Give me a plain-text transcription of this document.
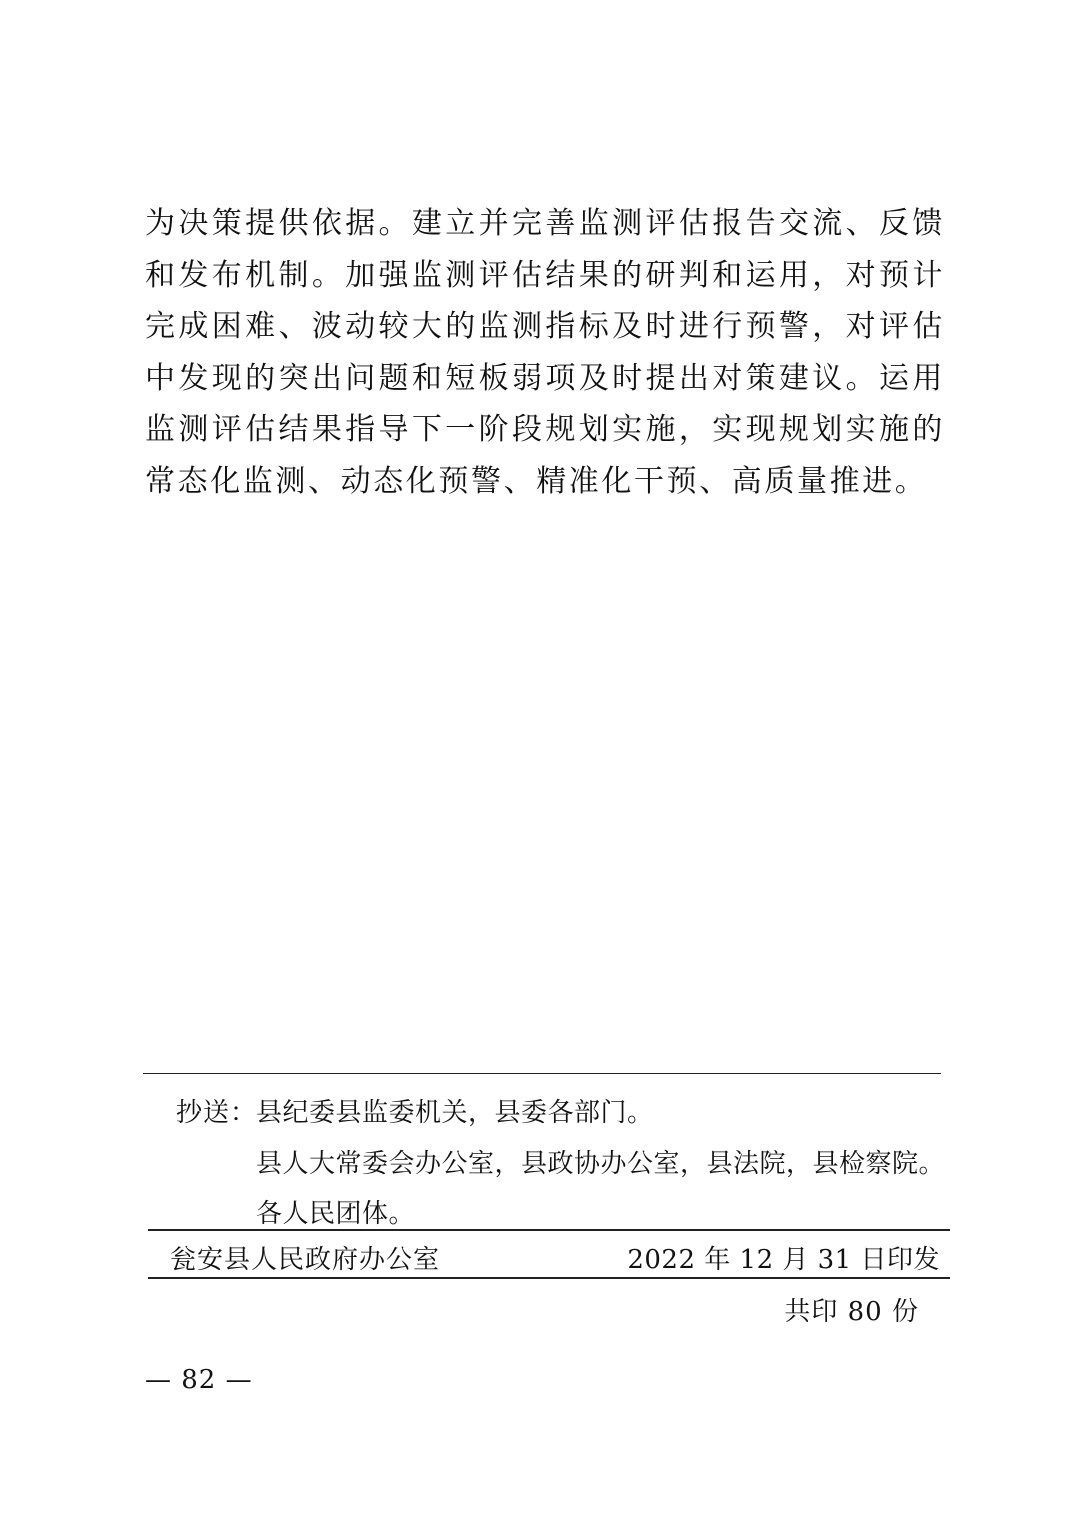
为决策提供依据。建立并完善监测评估报告交流、反馈和发布机制。加强监测评估结果的研判和运用，对预计完成困难、波动较大的监测指标及时进行预警，对评估中发现的突出问题和短板弱项及时提出对策建议。运用监测评估结果指导下一阶段规划实施，实现规划实施的常态化监测、动态化预警、精准化干预、高质量推进。

抄送：
县纪委县监委机关，县委各部门。
县人大常委会办公室，县政协办公室，县法院，县检察院。
各人民团体。
瓮安县人民政府办公室	2022 年 12 月 31 日印发
共印 80 份
— 82 —
